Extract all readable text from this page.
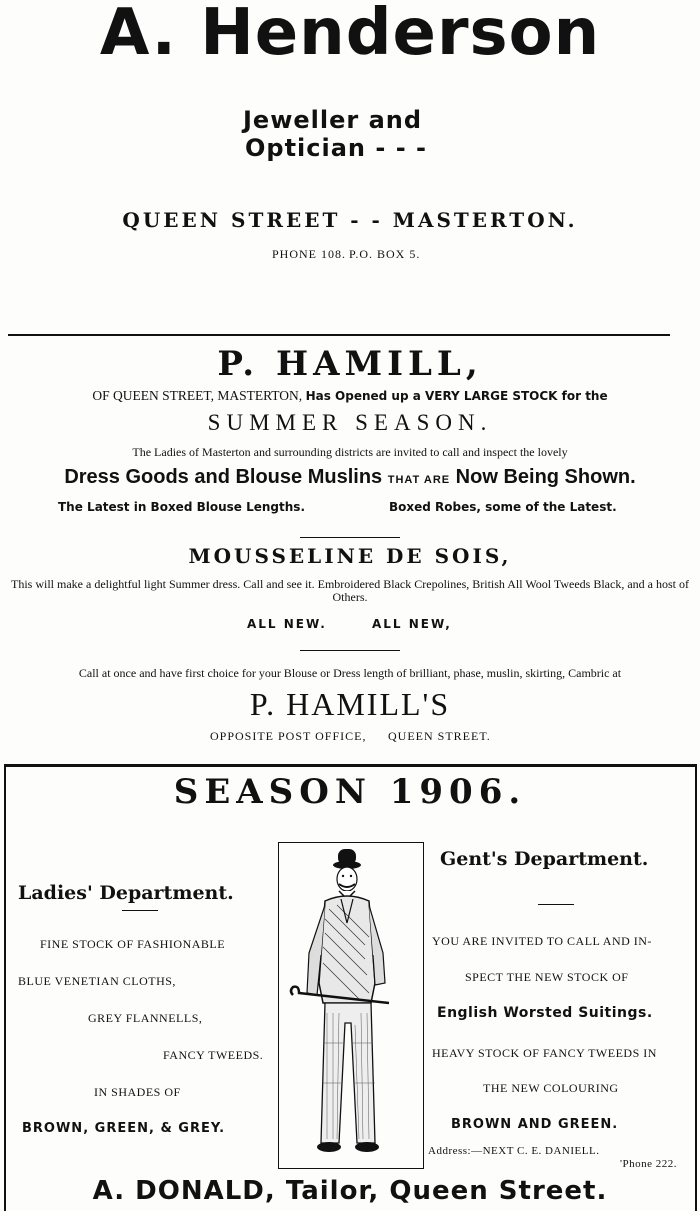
A. Henderson
Jeweller and
Optician - - -
QUEEN STREET - - MASTERTON.
PHONE 108. P.O. BOX 5.
P. HAMILL,
OF QUEEN STREET, MASTERTON, Has Opened up a VERY LARGE STOCK for the
SUMMER SEASON.
The Ladies of Masterton and surrounding districts are invited to call and inspect the lovely
Dress Goods and Blouse Muslins THAT ARE Now Being Shown.
The Latest in Boxed Blouse Lengths.	Boxed Robes, some of the Latest.
MOUSSELINE DE SOIS,
This will make a delightful light Summer dress. Call and see it. Embroidered Black Crepolines, British All Wool Tweeds Black, and a host of Others.
ALL NEW.	ALL NEW,
Call at once and have first choice for your Blouse or Dress length of brilliant, phase, muslin, skirting, Cambric at
P. HAMILL'S
OPPOSITE POST OFFICE, QUEEN STREET.
SEASON 1906.
Ladies' Department.
FINE STOCK OF FASHIONABLE
BLUE VENETIAN CLOTHS,
GREY FLANNELLS,
FANCY TWEEDS.
IN SHADES OF
BROWN, GREEN, & GREY.
Gent's Department.
YOU ARE INVITED TO CALL AND IN-
SPECT THE NEW STOCK OF
English Worsted Suitings.
HEAVY STOCK OF FANCY TWEEDS IN
THE NEW COLOURING
BROWN AND GREEN.
Address:—NEXT C. E. DANIELL.
'Phone 222.
A. DONALD, Tailor, Queen Street.
